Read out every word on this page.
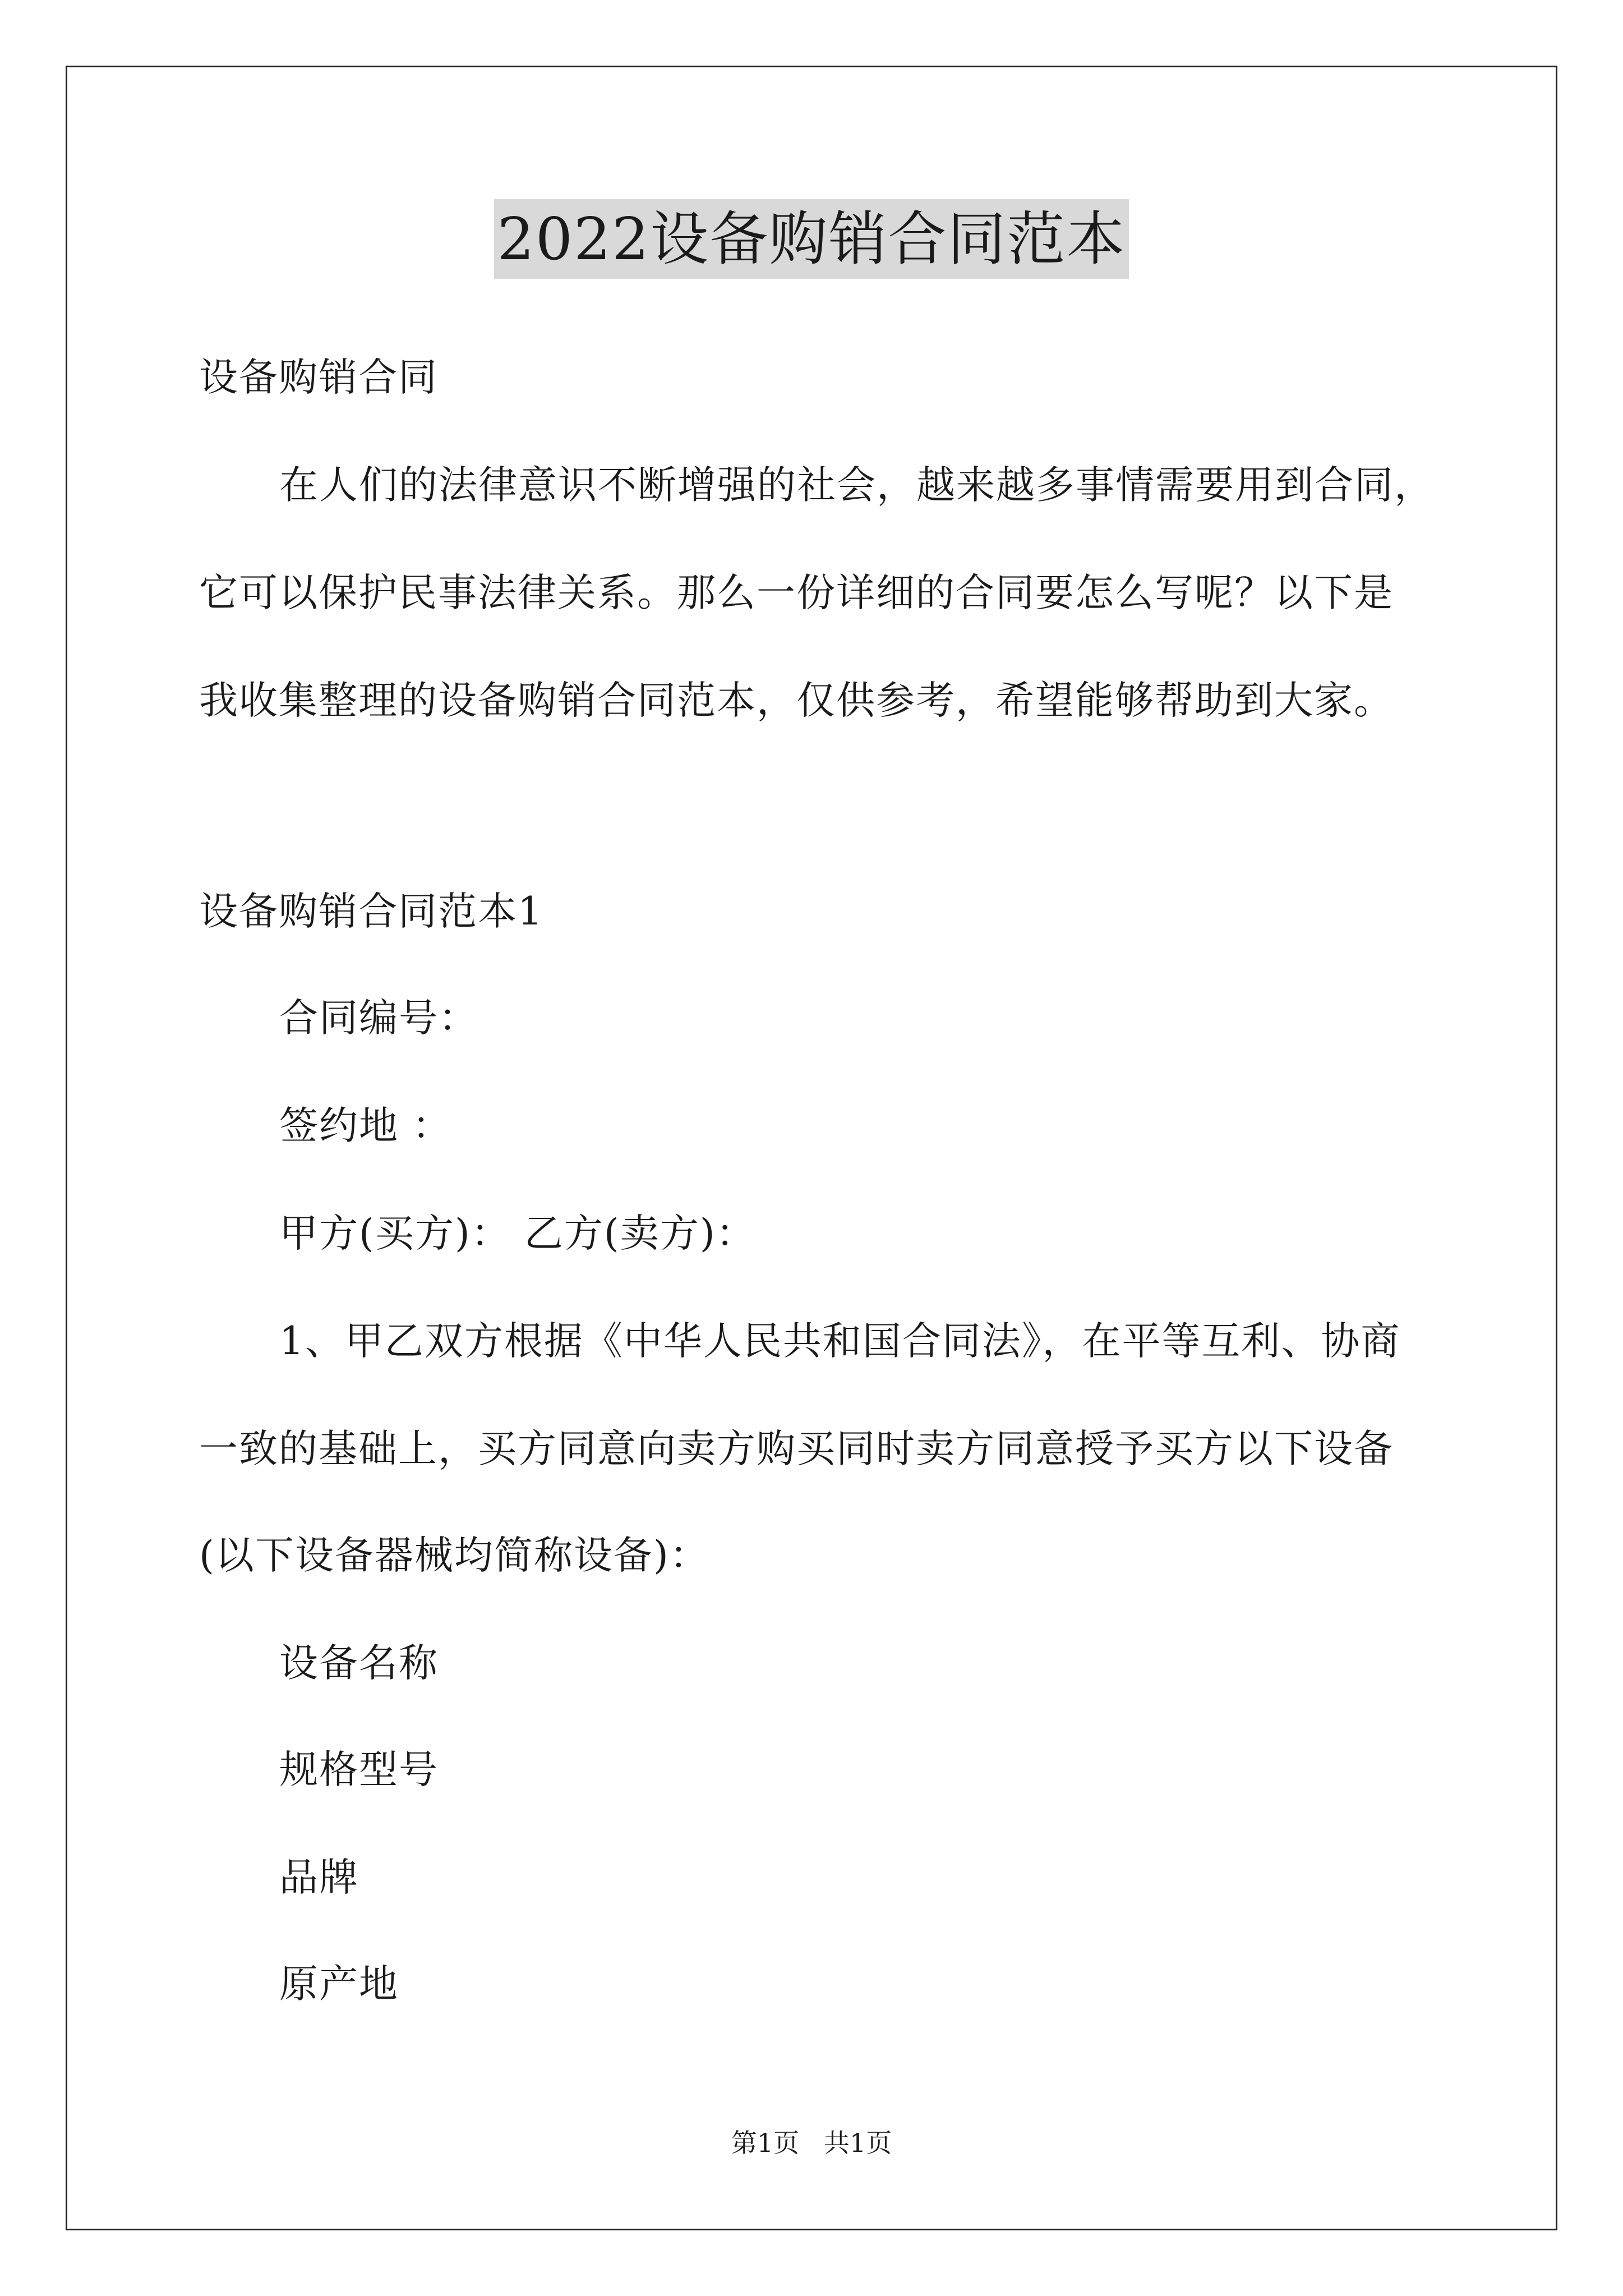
2022设备购销合同范本
设备购销合同
在人们的法律意识不断增强的社会，越来越多事情需要用到合同，
它可以保护民事法律关系。那么一份详细的合同要怎么写呢？以下是
我收集整理的设备购销合同范本，仅供参考，希望能够帮助到大家。
设备购销合同范本1
合同编号：
签约地 ：
甲方(买方)： 乙方(卖方)：
1、甲乙双方根据《中华人民共和国合同法》，在平等互利、协商
一致的基础上，买方同意向卖方购买同时卖方同意授予买方以下设备
(以下设备器械均简称设备)：
设备名称
规格型号
品牌
原产地
第1页   共1页
